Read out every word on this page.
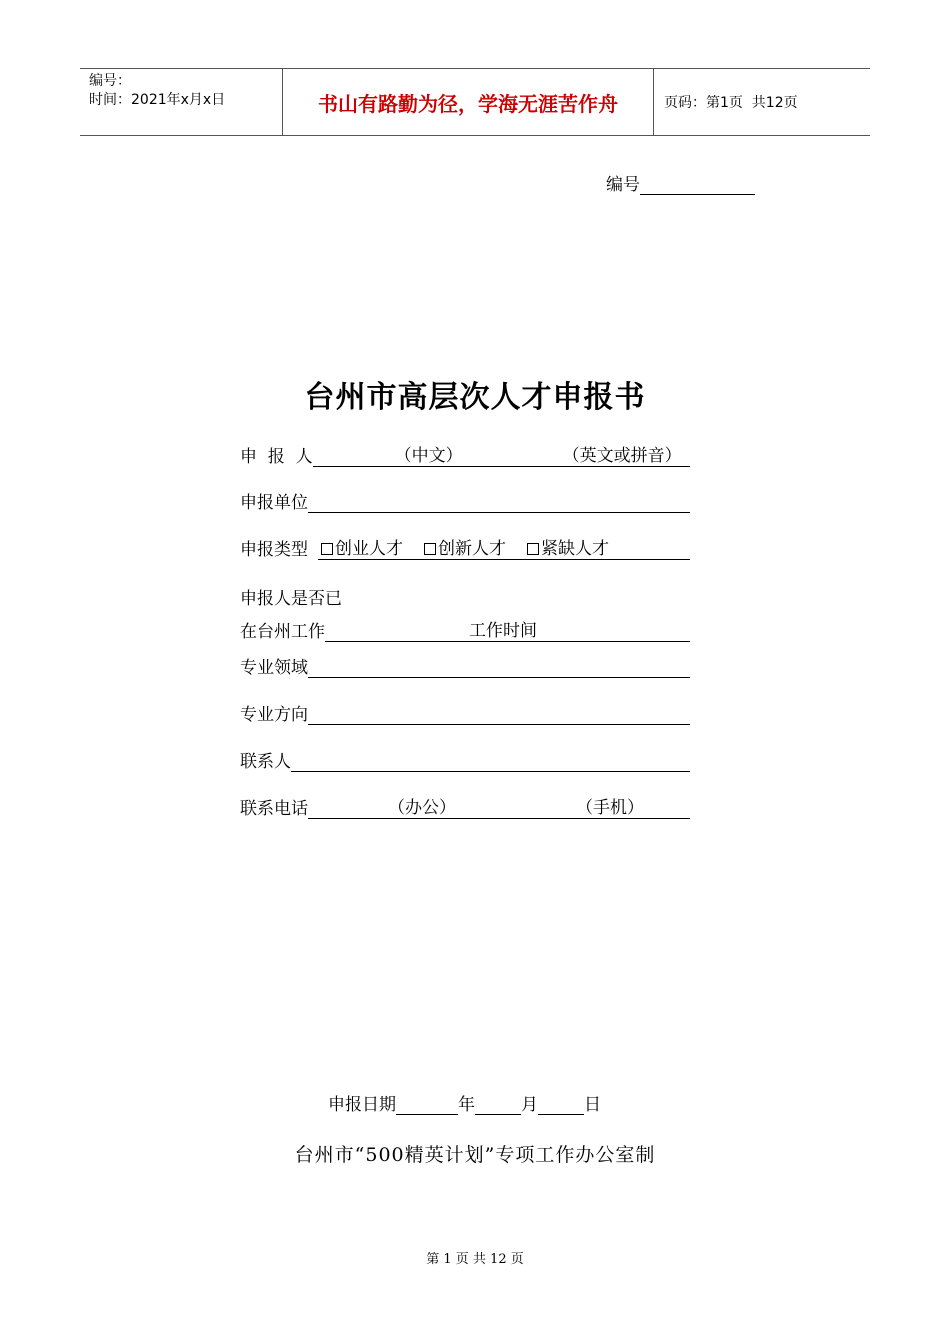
编号：
时间：2021年x月x日	书山有路勤为径，学海无涯苦作舟	页码：第1页  共12页
编号
台州市高层次人才申报书
申  报  人	（中文）	（英文或拼音）
申报单位
申报类型 创业人才 创新人才 紧缺人才
申报人是否已
在台州工作	工作时间
专业领域
专业方向
联系人
联系电话	（办公）	（手机）
申报日期	年	月	日
台州市“500精英计划”专项工作办公室制
第 1 页 共 12 页
